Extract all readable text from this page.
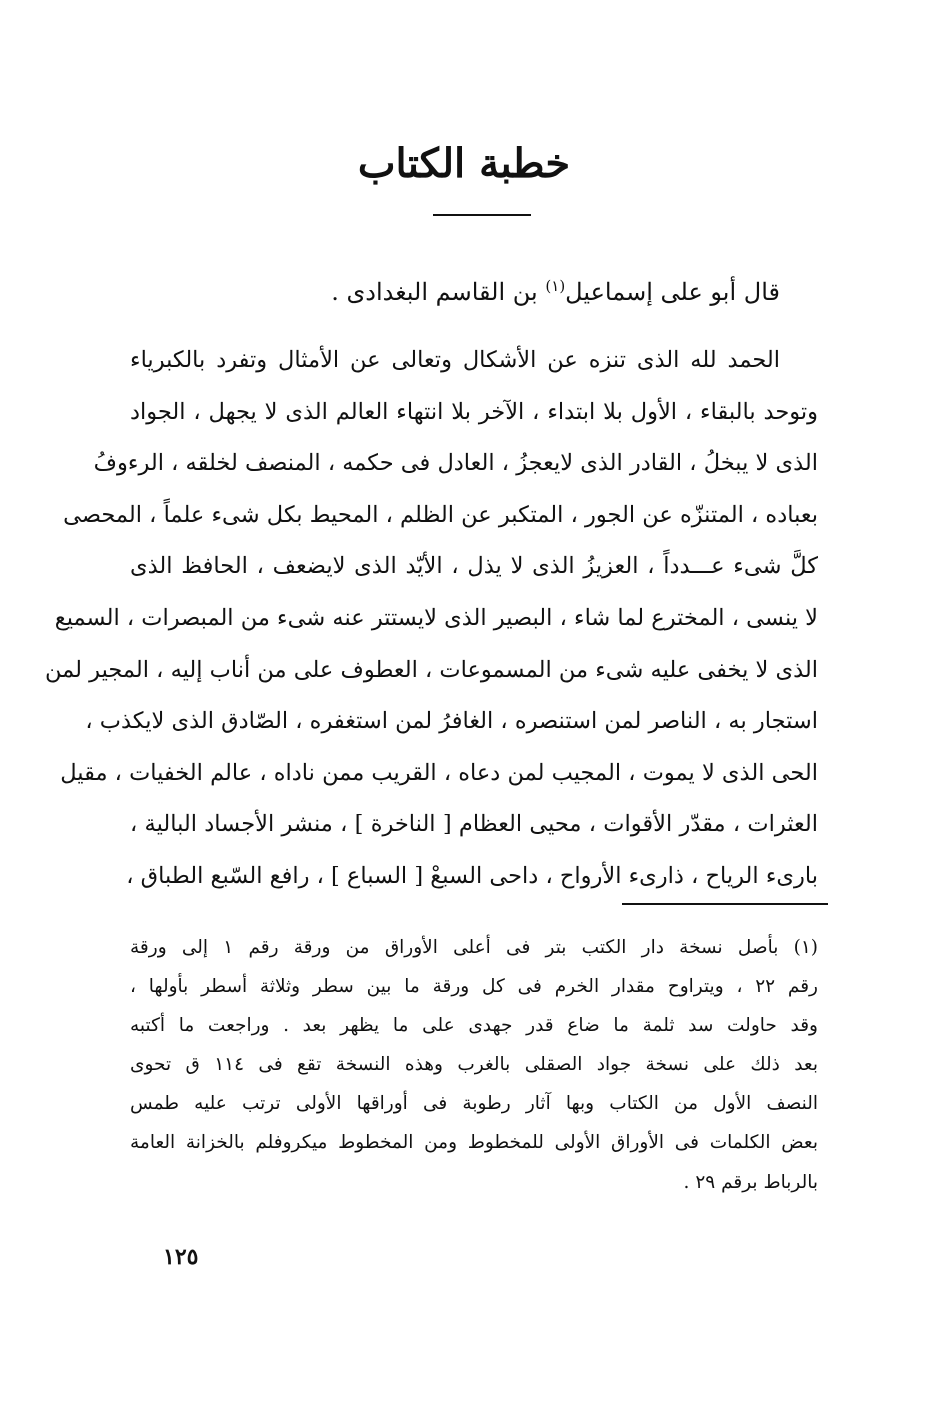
خطبة الكتاب

قال أبو على إسماعيل$^{(١)}$ بن القاسم البغدادى .

الحمد لله الذى تنزه عن الأشكال وتعالى عن الأمثال وتفرد بالكبرياء
وتوحد بالبقاء ، الأول بلا ابتداء ، الآخر بلا انتهاء العالم الذى لا يجهل ، الجواد
الذى لا يبخلُ ، القادر الذى لايعجزُ ، العادل فى حكمه ، المنصف لخلقه ، الرءوفُ
بعباده ، المتنزّه عن الجور ، المتكبر عن الظلم ، المحيط بكل شىء علماً ، المحصى
كلَّ شىء عـــدداً ، العزيزُ الذى لا يذل ، الأيّد الذى لايضعف ، الحافظ الذى
لا ينسى ، المخترع لما شاء ، البصير الذى لايستتر عنه شىء من المبصرات ، السميع
الذى لا يخفى عليه شىء من المسموعات ، العطوف على من أناب إليه ، المجير لمن
استجار به ، الناصر لمن استنصره ، الغافرُ لمن استغفره ، الصّادق الذى لايكذب ،
الحى الذى لا يموت ، المجيب لمن دعاه ، القريب ممن ناداه ، عالم الخفيات ، مقيل
العثرات ، مقدّر الأقوات ، محيى العظام [ الناخرة ] ، منشر الأجساد البالية ،
بارىء الرياح ، ذارىء الأرواح ، داحى السبعْ [ السباع ] ، رافع السّبع الطباق ،
(١) بأصل نسخة دار الكتب بتر فى أعلى الأوراق من ورقة رقم ١ إلى ورقة
رقم ٢٢ ، ويتراوح مقدار الخرم فى كل ورقة ما بين سطر وثلاثة أسطر بأولها ،
وقد حاولت سد ثلمة ما ضاع قدر جهدى على ما يظهر بعد . وراجعت ما أكتبه
بعد ذلك على نسخة جواد الصقلى بالغرب وهذه النسخة تقع فى ١١٤ ق تحوى
النصف الأول من الكتاب وبها آثار رطوبة فى أوراقها الأولى ترتب عليه طمس
بعض الكلمات فى الأوراق الأولى للمخطوط ومن المخطوط ميكروفلم بالخزانة العامة
بالرباط برقم ٢٩ .
١٢٥
